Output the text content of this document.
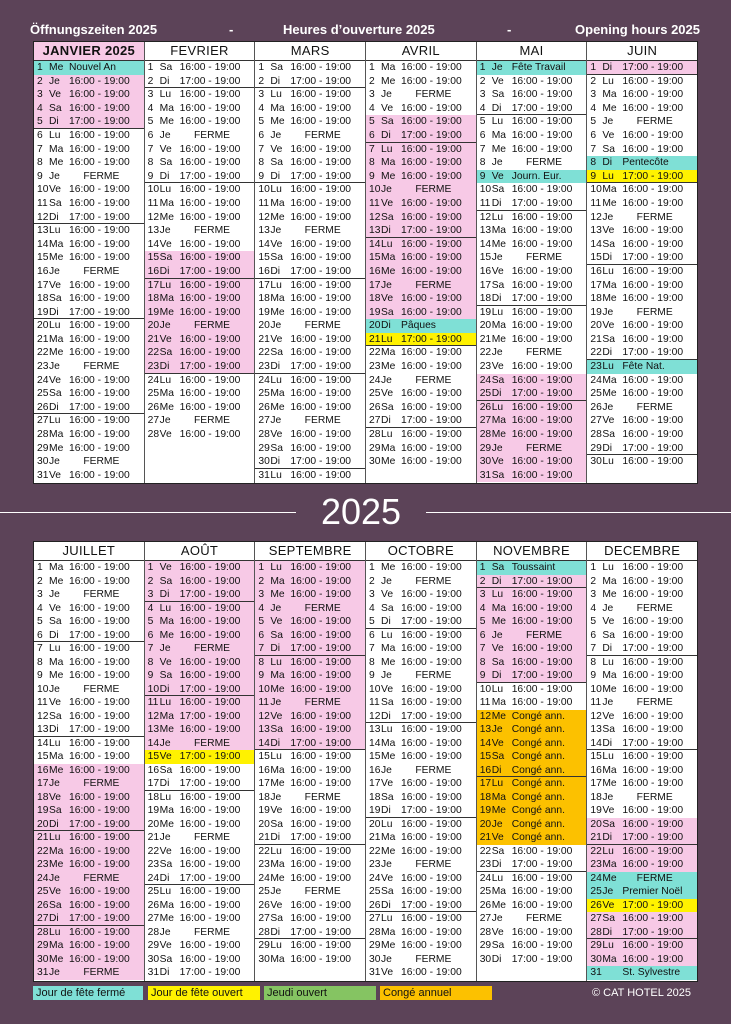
Öffnungszeiten 2025	-	Heures d’ouverture 2025	-	Opening hours 2025
JANVIER 2025
1 Me Nouvel An
2 Je 16:00 - 19:00
3 Ve 16:00 - 19:00
4 Sa 16:00 - 19:00
5 Di 17:00 - 19:00
6 Lu 16:00 - 19:00
7 Ma 16:00 - 19:00
8 Me 16:00 - 19:00
9 Je	FERME
10 Ve 16:00 - 19:00
11 Sa 16:00 - 19:00
12 Di 17:00 - 19:00
13 Lu 16:00 - 19:00
14 Ma 16:00 - 19:00
15 Me 16:00 - 19:00
16 Je	FERME
17 Ve 16:00 - 19:00
18 Sa 16:00 - 19:00
19 Di 17:00 - 19:00
20 Lu 16:00 - 19:00
21 Ma 16:00 - 19:00
22 Me 16:00 - 19:00
23 Je	FERME
24 Ve 16:00 - 19:00
25 Sa 16:00 - 19:00
26 Di 17:00 - 19:00
27 Lu 16:00 - 19:00
28 Ma 16:00 - 19:00
29 Me 16:00 - 19:00
30 Je	FERME
31 Ve 16:00 - 19:00
FEVRIER
1 Sa 16:00 - 19:00
2 Di 17:00 - 19:00
3 Lu 16:00 - 19:00
4 Ma 16:00 - 19:00
5 Me 16:00 - 19:00
6 Je	FERME
7 Ve 16:00 - 19:00
8 Sa 16:00 - 19:00
9 Di 17:00 - 19:00
10 Lu 16:00 - 19:00
11 Ma 16:00 - 19:00
12 Me 16:00 - 19:00
13 Je	FERME
14 Ve 16:00 - 19:00
15 Sa 16:00 - 19:00
16 Di 17:00 - 19:00
17 Lu 16:00 - 19:00
18 Ma 16:00 - 19:00
19 Me 16:00 - 19:00
20 Je	FERME
21 Ve 16:00 - 19:00
22 Sa 16:00 - 19:00
23 Di 17:00 - 19:00
24 Lu 16:00 - 19:00
25 Ma 16:00 - 19:00
26 Me 16:00 - 19:00
27 Je	FERME
28 Ve 16:00 - 19:00
MARS
1 Sa 16:00 - 19:00
2 Di 17:00 - 19:00
3 Lu 16:00 - 19:00
4 Ma 16:00 - 19:00
5 Me 16:00 - 19:00
6 Je	FERME
7 Ve 16:00 - 19:00
8 Sa 16:00 - 19:00
9 Di 17:00 - 19:00
10 Lu 16:00 - 19:00
11 Ma 16:00 - 19:00
12 Me 16:00 - 19:00
13 Je	FERME
14 Ve 16:00 - 19:00
15 Sa 16:00 - 19:00
16 Di 17:00 - 19:00
17 Lu 16:00 - 19:00
18 Ma 16:00 - 19:00
19 Me 16:00 - 19:00
20 Je	FERME
21 Ve 16:00 - 19:00
22 Sa 16:00 - 19:00
23 Di 17:00 - 19:00
24 Lu 16:00 - 19:00
25 Ma 16:00 - 19:00
26 Me 16:00 - 19:00
27 Je	FERME
28 Ve 16:00 - 19:00
29 Sa 16:00 - 19:00
30 Di 17:00 - 19:00
31 Lu 16:00 - 19:00
AVRIL
1 Ma 16:00 - 19:00
2 Me 16:00 - 19:00
3 Je	FERME
4 Ve 16:00 - 19:00
5 Sa 16:00 - 19:00
6 Di 17:00 - 19:00
7 Lu 16:00 - 19:00
8 Ma 16:00 - 19:00
9 Me 16:00 - 19:00
10 Je	FERME
11 Ve 16:00 - 19:00
12 Sa 16:00 - 19:00
13 Di 17:00 - 19:00
14 Lu 16:00 - 19:00
15 Ma 16:00 - 19:00
16 Me 16:00 - 19:00
17 Je	FERME
18 Ve 16:00 - 19:00
19 Sa 16:00 - 19:00
20 Di Pâques
21 Lu 17:00 - 19:00
22 Ma 16:00 - 19:00
23 Me 16:00 - 19:00
24 Je	FERME
25 Ve 16:00 - 19:00
26 Sa 16:00 - 19:00
27 Di 17:00 - 19:00
28 Lu 16:00 - 19:00
29 Ma 16:00 - 19:00
30 Me 16:00 - 19:00
MAI
1 Je Fête Travail
2 Ve 16:00 - 19:00
3 Sa 16:00 - 19:00
4 Di 17:00 - 19:00
5 Lu 16:00 - 19:00
6 Ma 16:00 - 19:00
7 Me 16:00 - 19:00
8 Je	FERME
9 Ve Journ. Eur.
10 Sa 16:00 - 19:00
11 Di 17:00 - 19:00
12 Lu 16:00 - 19:00
13 Ma 16:00 - 19:00
14 Me 16:00 - 19:00
15 Je	FERME
16 Ve 16:00 - 19:00
17 Sa 16:00 - 19:00
18 Di 17:00 - 19:00
19 Lu 16:00 - 19:00
20 Ma 16:00 - 19:00
21 Me 16:00 - 19:00
22 Je	FERME
23 Ve 16:00 - 19:00
24 Sa 16:00 - 19:00
25 Di 17:00 - 19:00
26 Lu 16:00 - 19:00
27 Ma 16:00 - 19:00
28 Me 16:00 - 19:00
29 Je	FERME
30 Ve 16:00 - 19:00
31 Sa 16:00 - 19:00
JUIN
1 Di 17:00 - 19:00
2 Lu 16:00 - 19:00
3 Ma 16:00 - 19:00
4 Me 16:00 - 19:00
5 Je	FERME
6 Ve 16:00 - 19:00
7 Sa 16:00 - 19:00
8 Di Pentecôte
9 Lu 17:00 - 19:00
10 Ma 16:00 - 19:00
11 Me 16:00 - 19:00
12 Je	FERME
13 Ve 16:00 - 19:00
14 Sa 16:00 - 19:00
15 Di 17:00 - 19:00
16 Lu 16:00 - 19:00
17 Ma 16:00 - 19:00
18 Me 16:00 - 19:00
19 Je	FERME
20 Ve 16:00 - 19:00
21 Sa 16:00 - 19:00
22 Di 17:00 - 19:00
23 Lu Fête Nat.
24 Ma 16:00 - 19:00
25 Me 16:00 - 19:00
26 Je	FERME
27 Ve 16:00 - 19:00
28 Sa 16:00 - 19:00
29 Di 17:00 - 19:00
30 Lu 16:00 - 19:00
2025
JUILLET
1 Ma 16:00 - 19:00
2 Me 16:00 - 19:00
3 Je	FERME
4 Ve 16:00 - 19:00
5 Sa 16:00 - 19:00
6 Di 17:00 - 19:00
7 Lu 16:00 - 19:00
8 Ma 16:00 - 19:00
9 Me 16:00 - 19:00
10 Je	FERME
11 Ve 16:00 - 19:00
12 Sa 16:00 - 19:00
13 Di 17:00 - 19:00
14 Lu 16:00 - 19:00
15 Ma 16:00 - 19:00
16 Me 16:00 - 19:00
17 Je	FERME
18 Ve 16:00 - 19:00
19 Sa 16:00 - 19:00
20 Di 17:00 - 19:00
21 Lu 16:00 - 19:00
22 Ma 16:00 - 19:00
23 Me 16:00 - 19:00
24 Je	FERME
25 Ve 16:00 - 19:00
26 Sa 16:00 - 19:00
27 Di 17:00 - 19:00
28 Lu 16:00 - 19:00
29 Ma 16:00 - 19:00
30 Me 16:00 - 19:00
31 Je	FERME
AOÛT
1 Ve 16:00 - 19:00
2 Sa 16:00 - 19:00
3 Di 17:00 - 19:00
4 Lu 16:00 - 19:00
5 Ma 16:00 - 19:00
6 Me 16:00 - 19:00
7 Je	FERME
8 Ve 16:00 - 19:00
9 Sa 16:00 - 19:00
10 Di 17:00 - 19:00
11 Lu 16:00 - 19:00
12 Ma 17:00 - 19:00
13 Me 16:00 - 19:00
14 Je	FERME
15 Ve 17:00 - 19:00
16 Sa 16:00 - 19:00
17 Di 17:00 - 19:00
18 Lu 16:00 - 19:00
19 Ma 16:00 - 19:00
20 Me 16:00 - 19:00
21 Je	FERME
22 Ve 16:00 - 19:00
23 Sa 16:00 - 19:00
24 Di 17:00 - 19:00
25 Lu 16:00 - 19:00
26 Ma 16:00 - 19:00
27 Me 16:00 - 19:00
28 Je	FERME
29 Ve 16:00 - 19:00
30 Sa 16:00 - 19:00
31 Di 17:00 - 19:00
SEPTEMBRE
1 Lu 16:00 - 19:00
2 Ma 16:00 - 19:00
3 Me 16:00 - 19:00
4 Je	FERME
5 Ve 16:00 - 19:00
6 Sa 16:00 - 19:00
7 Di 17:00 - 19:00
8 Lu 16:00 - 19:00
9 Ma 16:00 - 19:00
10 Me 16:00 - 19:00
11 Je	FERME
12 Ve 16:00 - 19:00
13 Sa 16:00 - 19:00
14 Di 17:00 - 19:00
15 Lu 16:00 - 19:00
16 Ma 16:00 - 19:00
17 Me 16:00 - 19:00
18 Je	FERME
19 Ve 16:00 - 19:00
20 Sa 16:00 - 19:00
21 Di 17:00 - 19:00
22 Lu 16:00 - 19:00
23 Ma 16:00 - 19:00
24 Me 16:00 - 19:00
25 Je	FERME
26 Ve 16:00 - 19:00
27 Sa 16:00 - 19:00
28 Di 17:00 - 19:00
29 Lu 16:00 - 19:00
30 Ma 16:00 - 19:00
OCTOBRE
1 Me 16:00 - 19:00
2 Je	FERME
3 Ve 16:00 - 19:00
4 Sa 16:00 - 19:00
5 Di 17:00 - 19:00
6 Lu 16:00 - 19:00
7 Ma 16:00 - 19:00
8 Me 16:00 - 19:00
9 Je	FERME
10 Ve 16:00 - 19:00
11 Sa 16:00 - 19:00
12 Di 17:00 - 19:00
13 Lu 16:00 - 19:00
14 Ma 16:00 - 19:00
15 Me 16:00 - 19:00
16 Je	FERME
17 Ve 16:00 - 19:00
18 Sa 16:00 - 19:00
19 Di 17:00 - 19:00
20 Lu 16:00 - 19:00
21 Ma 16:00 - 19:00
22 Me 16:00 - 19:00
23 Je	FERME
24 Ve 16:00 - 19:00
25 Sa 16:00 - 19:00
26 Di 17:00 - 19:00
27 Lu 16:00 - 19:00
28 Ma 16:00 - 19:00
29 Me 16:00 - 19:00
30 Je	FERME
31 Ve 16:00 - 19:00
NOVEMBRE
1 Sa Toussaint
2 Di 17:00 - 19:00
3 Lu 16:00 - 19:00
4 Ma 16:00 - 19:00
5 Me 16:00 - 19:00
6 Je	FERME
7 Ve 16:00 - 19:00
8 Sa 16:00 - 19:00
9 Di 17:00 - 19:00
10 Lu 16:00 - 19:00
11 Ma 16:00 - 19:00
12 Me Congé ann.
13 Je Congé ann.
14 Ve Congé ann.
15 Sa Congé ann.
16 Di Congé ann.
17 Lu Congé ann.
18 Ma Congé ann.
19 Me Congé ann.
20 Je Congé ann.
21 Ve Congé ann.
22 Sa 16:00 - 19:00
23 Di 17:00 - 19:00
24 Lu 16:00 - 19:00
25 Ma 16:00 - 19:00
26 Me 16:00 - 19:00
27 Je	FERME
28 Ve 16:00 - 19:00
29 Sa 16:00 - 19:00
30 Di 17:00 - 19:00
DECEMBRE
1 Lu 16:00 - 19:00
2 Ma 16:00 - 19:00
3 Me 16:00 - 19:00
4 Je	FERME
5 Ve 16:00 - 19:00
6 Sa 16:00 - 19:00
7 Di 17:00 - 19:00
8 Lu 16:00 - 19:00
9 Ma 16:00 - 19:00
10 Me 16:00 - 19:00
11 Je	FERME
12 Ve 16:00 - 19:00
13 Sa 16:00 - 19:00
14 Di 17:00 - 19:00
15 Lu 16:00 - 19:00
16 Ma 16:00 - 19:00
17 Me 16:00 - 19:00
18 Je	FERME
19 Ve 16:00 - 19:00
20 Sa 16:00 - 19:00
21 Di 17:00 - 19:00
22 Lu 16:00 - 19:00
23 Ma 16:00 - 19:00
24 Me	FERME
25 Je Premier Noël
26 Ve 17:00 - 19:00
27 Sa 16:00 - 19:00
28 Di 17:00 - 19:00
29 Lu 16:00 - 19:00
30 Ma 16:00 - 19:00
31 St. Sylvestre
Jour de fête fermé	Jour de fête ouvert	Jeudi ouvert	Congé annuel	© CAT HOTEL 2025
